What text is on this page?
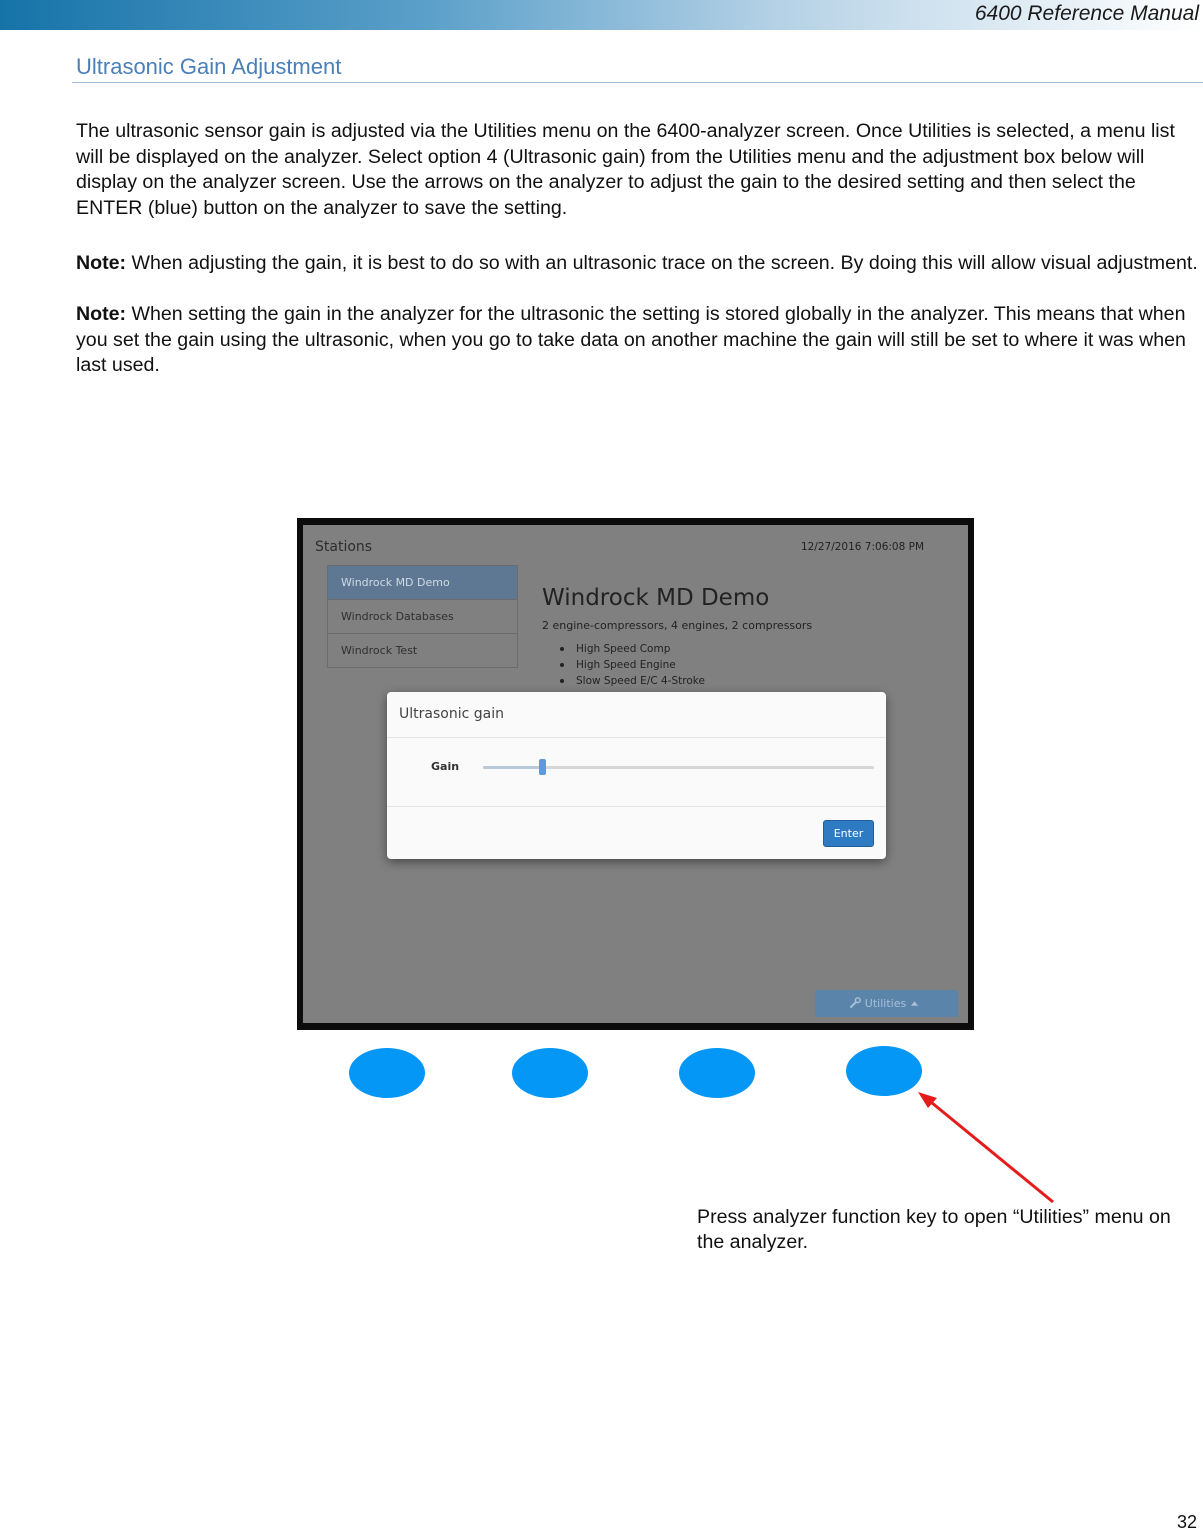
6400 Reference Manual
Ultrasonic Gain Adjustment

The ultrasonic sensor gain is adjusted via the Utilities menu on the 6400-analyzer screen. Once Utilities is selected, a menu list will be displayed on the analyzer. Select option 4 (Ultrasonic gain) from the Utilities menu and the adjustment box below will display on the analyzer screen. Use the arrows on the analyzer to adjust the gain to the desired setting and then select the ENTER (blue) button on the analyzer to save the setting.

Note: When adjusting the gain, it is best to do so with an ultrasonic trace on the screen. By doing this will allow visual adjustment.

Note: When setting the gain in the analyzer for the ultrasonic the setting is stored globally in the analyzer. This means that when you set the gain using the ultrasonic, when you go to take data on another machine the gain will still be set to where it was when last used.

Stations	12/27/2016 7:06:08 PM
Windrock MD Demo
Windrock Databases
Windrock Test
Windrock MD Demo
2 engine-compressors, 4 engines, 2 compressors
High Speed Comp
High Speed Engine
Slow Speed E/C 4-Stroke
Ultrasonic gain
Gain
Enter
Utilities
Press analyzer function key to open “Utilities” menu on the analyzer.
32
